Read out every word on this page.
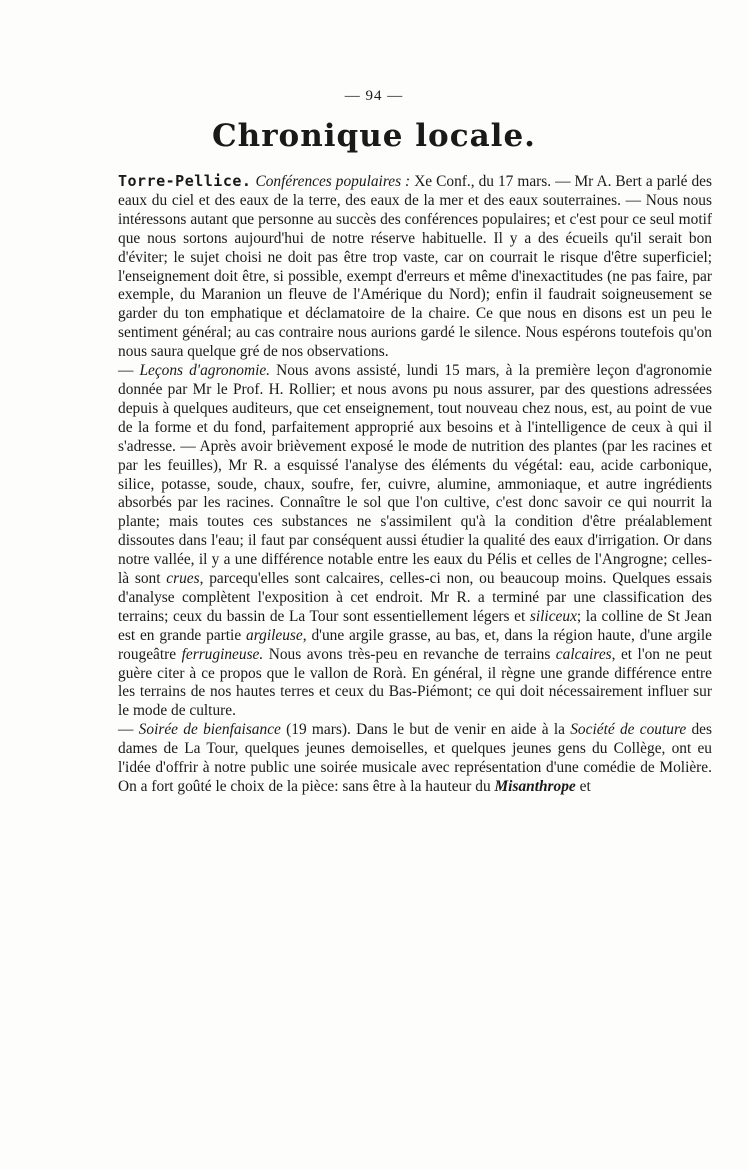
— 94 —
Chronique locale.

Torre-Pellice. Conférences populaires : Xe Conf., du 17 mars. — Mr A. Bert a parlé des eaux du ciel et des eaux de la terre, des eaux de la mer et des eaux souterraines. — Nous nous intéressons autant que personne au succès des conférences populaires; et c'est pour ce seul motif que nous sortons aujourd'hui de notre réserve habituelle. Il y a des écueils qu'il serait bon d'éviter; le sujet choisi ne doit pas être trop vaste, car on courrait le risque d'être superficiel; l'enseignement doit être, si possible, exempt d'erreurs et même d'inexactitudes (ne pas faire, par exemple, du Maranion un fleuve de l'Amérique du Nord); enfin il faudrait soigneusement se garder du ton emphatique et déclamatoire de la chaire. Ce que nous en disons est un peu le sentiment général; au cas contraire nous aurions gardé le silence. Nous espérons toutefois qu'on nous saura quelque gré de nos observations.

— Leçons d'agronomie. Nous avons assisté, lundi 15 mars, à la première leçon d'agronomie donnée par Mr le Prof. H. Rollier; et nous avons pu nous assurer, par des questions adressées depuis à quelques auditeurs, que cet enseignement, tout nouveau chez nous, est, au point de vue de la forme et du fond, parfaitement approprié aux besoins et à l'intelligence de ceux à qui il s'adresse. — Après avoir brièvement exposé le mode de nutrition des plantes (par les racines et par les feuilles), Mr R. a esquissé l'analyse des éléments du végétal: eau, acide carbonique, silice, potasse, soude, chaux, soufre, fer, cuivre, alumine, ammoniaque, et autre ingrédients absorbés par les racines. Connaître le sol que l'on cultive, c'est donc savoir ce qui nourrit la plante; mais toutes ces substances ne s'assimilent qu'à la condition d'être préalablement dissoutes dans l'eau; il faut par conséquent aussi étudier la qualité des eaux d'irrigation. Or dans notre vallée, il y a une différence notable entre les eaux du Pélis et celles de l'Angrogne; celles-là sont crues, parcequ'elles sont calcaires, celles-ci non, ou beaucoup moins. Quelques essais d'analyse complètent l'exposition à cet endroit. Mr R. a terminé par une classification des terrains; ceux du bassin de La Tour sont essentiellement légers et siliceux; la colline de St Jean est en grande partie argileuse, d'une argile grasse, au bas, et, dans la région haute, d'une argile rougeâtre ferrugineuse. Nous avons très-peu en revanche de terrains calcaires, et l'on ne peut guère citer à ce propos que le vallon de Rorà. En général, il règne une grande différence entre les terrains de nos hautes terres et ceux du Bas-Piémont; ce qui doit nécessairement influer sur le mode de culture.

— Soirée de bienfaisance (19 mars). Dans le but de venir en aide à la Société de couture des dames de La Tour, quelques jeunes demoiselles, et quelques jeunes gens du Collège, ont eu l'idée d'offrir à notre public une soirée musicale avec représentation d'une comédie de Molière. On a fort goûté le choix de la pièce: sans être à la hauteur du Misanthrope et
